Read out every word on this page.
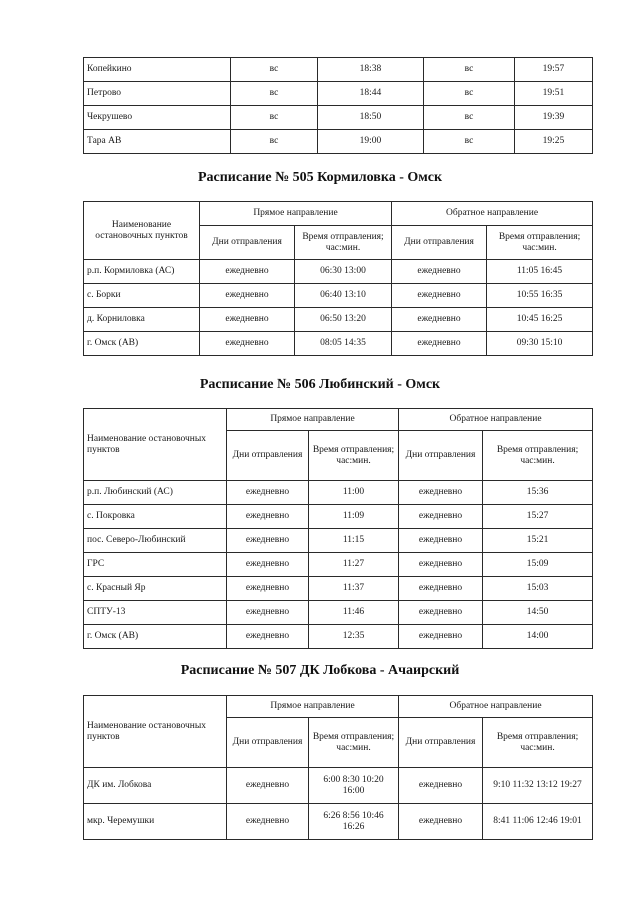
Копейкино	вс	18:38	вс	19:57
Петрово	вс	18:44	вс	19:51
Чекрушево	вс	18:50	вс	19:39
Тара АВ	вс	19:00	вс	19:25
Расписание № 505 Кормиловка - Омск
Наименование остановочных пунктов	Прямое направление		Обратное направление	
	Дни отправления	Время отправления; час:мин.	Дни отправления	Время отправления; час:мин.
р.п. Кормиловка (АС)	ежедневно	06:30 13:00	ежедневно	11:05 16:45
с. Борки	ежедневно	06:40 13:10	ежедневно	10:55 16:35
д. Корниловка	ежедневно	06:50 13:20	ежедневно	10:45 16:25
г. Омск (АВ)	ежедневно	08:05 14:35	ежедневно	09:30 15:10
Расписание № 506 Любинский - Омск
Наименование остановочных пунктов	Прямое направление		Обратное направление	
	Дни отправления	Время отправления; час:мин.	Дни отправления	Время отправления; час:мин.
р.п. Любинский (АС)	ежедневно	11:00	ежедневно	15:36
с. Покровка	ежедневно	11:09	ежедневно	15:27
пос. Северо-Любинский	ежедневно	11:15	ежедневно	15:21
ГРС	ежедневно	11:27	ежедневно	15:09
с. Красный Яр	ежедневно	11:37	ежедневно	15:03
СПТУ-13	ежедневно	11:46	ежедневно	14:50
г. Омск (АВ)	ежедневно	12:35	ежедневно	14:00
Расписание № 507 ДК Лобкова - Ачаирский
Наименование остановочных пунктов	Прямое направление		Обратное направление	
	Дни отправления	Время отправления; час:мин.	Дни отправления	Время отправления; час:мин.
ДК им. Лобкова	ежедневно	6:00 8:30 10:20 16:00	ежедневно	9:10 11:32 13:12 19:27
мкр. Черемушки	ежедневно	6:26 8:56 10:46 16:26	ежедневно	8:41 11:06 12:46 19:01
